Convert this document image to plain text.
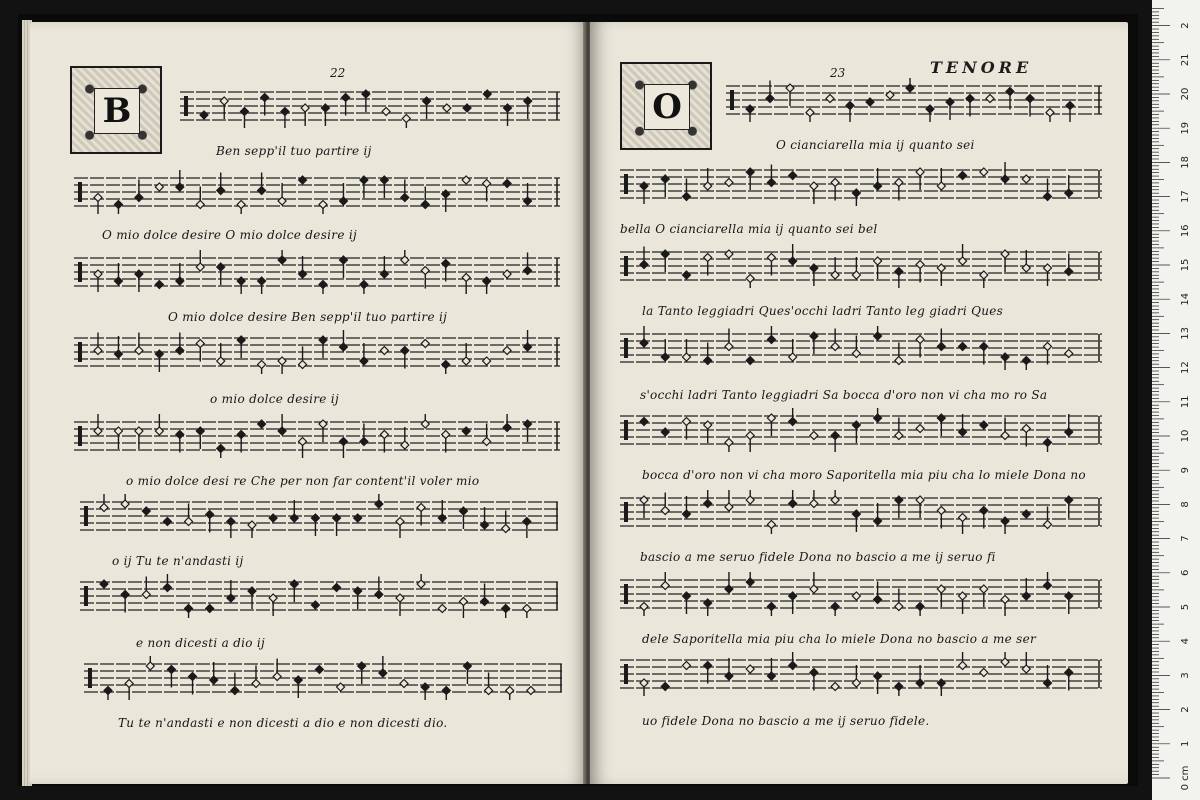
22
B
Ben sepp'il tuo partire ij
O mio dolce desire O mio dolce desire ij
O mio dolce desire Ben sepp'il tuo partire ij
o mio dolce desire ij
o mio dolce desi re Che per non far content'il voler mio
o ij Tu te n'andasti ij
e non dicesti a dio ij
Tu te n'andasti e non dicesti a dio e non dicesti dio.
23	TENORE
O
O cianciarella mia ij quanto sei
bella O cianciarella mia ij quanto sei bel
la Tanto leggiadri Ques'occhi ladri Tanto leg giadri Ques
s'occhi ladri Tanto leggiadri Sa bocca d'oro non vi cha mo ro Sa
bocca d'oro non vi cha moro Saporitella mia piu cha lo miele Dona no
bascio a me seruo fidele Dona no bascio a me ij seruo fi
dele Saporitella mia piu cha lo miele Dona no bascio a me ser
uo fidele Dona no bascio a me ij seruo fidele.
0 cm
1
2
3
4
5
6
7
8
9
10
11
12
13
14
15
16
17
18
19
20
21
2
